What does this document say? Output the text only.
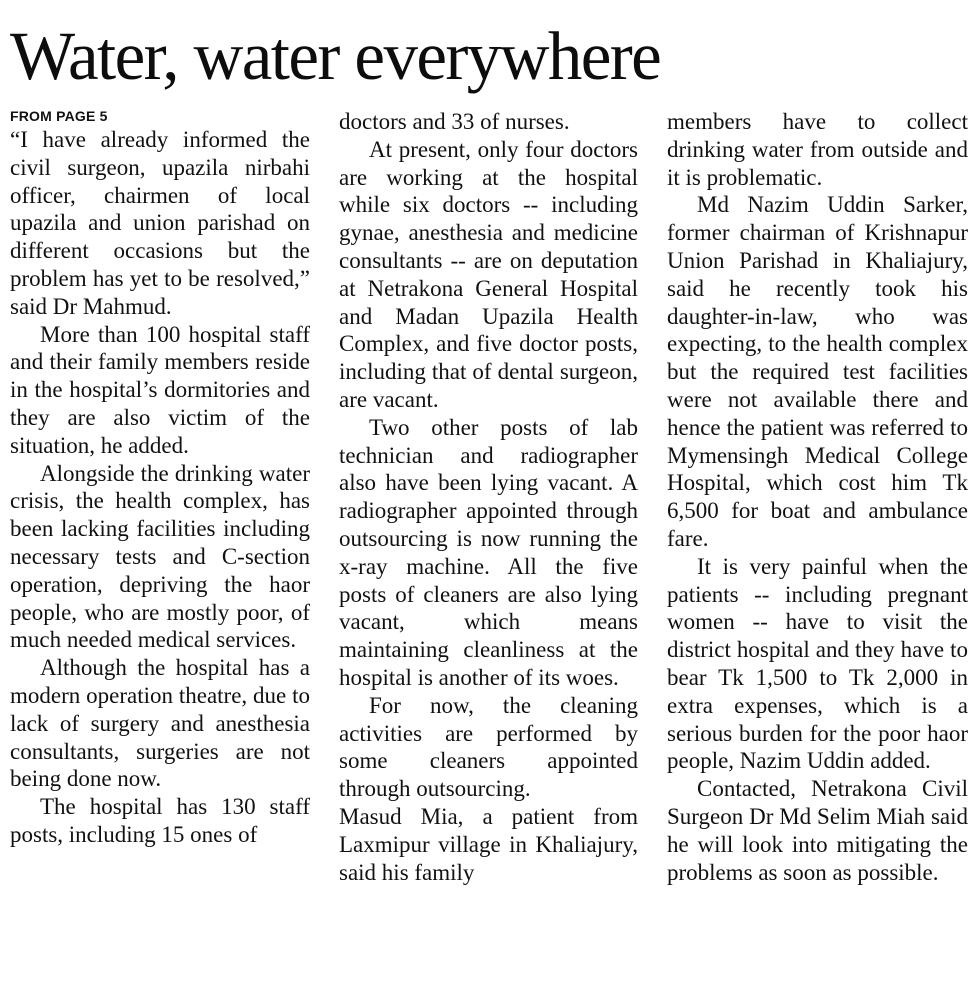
Water, water everywhere
FROM PAGE 5

“I have already informed the civil surgeon, upazila nirbahi officer, chairmen of local upazila and union parishad on different occasions but the problem has yet to be resolved,” said Dr Mahmud.

More than 100 hospital staff and their family members reside in the hospital’s dormitories and they are also victim of the situation, he added.

Alongside the drinking water crisis, the health complex, has been lacking facilities including necessary tests and C-section operation, depriving the haor people, who are mostly poor, of much needed medical services.

Although the hospital has a modern operation theatre, due to lack of surgery and anesthesia consultants, surgeries are not being done now.

The hospital has 130 staff posts, including 15 ones of

doctors and 33 of nurses.

At present, only four doctors are working at the hospital while six doctors -- including gynae, anesthesia and medicine consultants -- are on deputation at Netrakona General Hospital and Madan Upazila Health Complex, and five doctor posts, including that of dental surgeon, are vacant.

Two other posts of lab technician and radiographer also have been lying vacant. A radiographer appointed through outsourcing is now running the x-ray machine. All the five posts of cleaners are also lying vacant, which means maintaining cleanliness at the hospital is another of its woes.

For now, the cleaning activities are performed by some cleaners appointed through outsourcing.

Masud Mia, a patient from Laxmipur village in Khaliajury, said his family

members have to collect drinking water from outside and it is problematic.

Md Nazim Uddin Sarker, former chairman of Krishnapur Union Parishad in Khaliajury, said he recently took his daughter-in-law, who was expecting, to the health complex but the required test facilities were not available there and hence the patient was referred to Mymensingh Medical College Hospital, which cost him Tk 6,500 for boat and ambulance fare.

It is very painful when the patients -- including pregnant women -- have to visit the district hospital and they have to bear Tk 1,500 to Tk 2,000 in extra expenses, which is a serious burden for the poor haor people, Nazim Uddin added.

Contacted, Netrakona Civil Surgeon Dr Md Selim Miah said he will look into mitigating the problems as soon as possible.
